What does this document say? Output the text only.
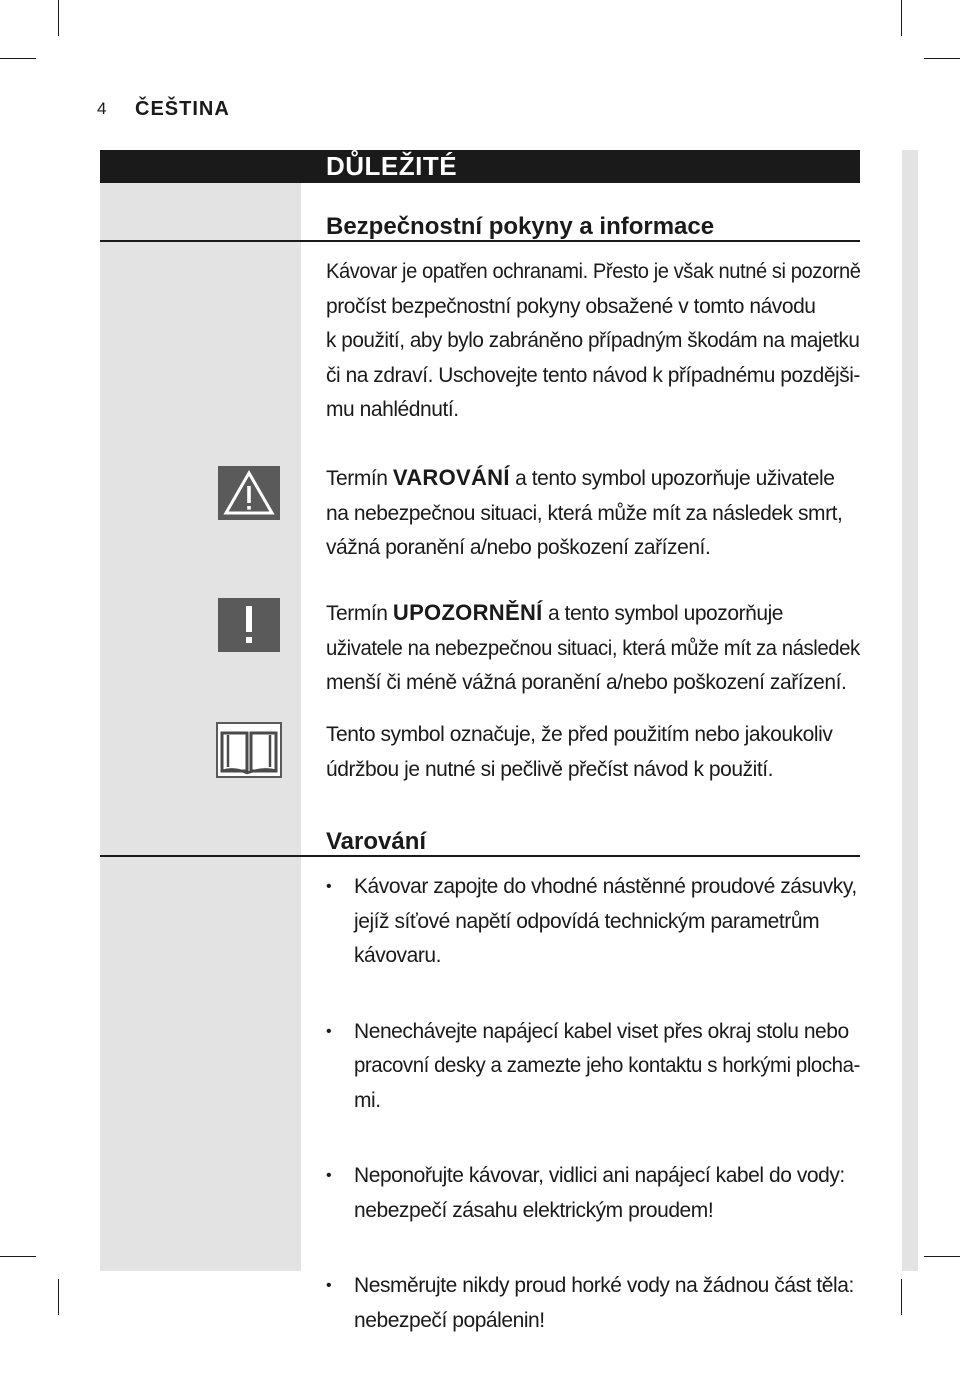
4 ČEŠTINA
DŮLEŽITÉ
Bezpečnostní pokyny a informace
Kávovar je opatřen ochranami. Přesto je však nutné si pozorně
pročíst bezpečnostní pokyny obsažené v tomto návodu
k použití, aby bylo zabráněno případným škodám na majetku
či na zdraví. Uschovejte tento návod k případnému pozdějši-
mu nahlédnutí.
Termín VAROVÁNÍ a tento symbol upozorňuje uživatele
na nebezpečnou situaci, která může mít za následek smrt,
vážná poranění a/nebo poškození zařízení.
Termín UPOZORNĚNÍ a tento symbol upozorňuje
uživatele na nebezpečnou situaci, která může mít za následek
menší či méně vážná poranění a/nebo poškození zařízení.
Tento symbol označuje, že před použitím nebo jakoukoliv
údržbou je nutné si pečlivě přečíst návod k použití.
Varování
• Kávovar zapojte do vhodné nástěnné proudové zásuvky,
jejíž síťové napětí odpovídá technickým parametrům
kávovaru.
• Nenechávejte napájecí kabel viset přes okraj stolu nebo
pracovní desky a zamezte jeho kontaktu s horkými plocha-
mi.
• Neponořujte kávovar, vidlici ani napájecí kabel do vody:
nebezpečí zásahu elektrickým proudem!
• Nesměrujte nikdy proud horké vody na žádnou část těla:
nebezpečí popálenin!
